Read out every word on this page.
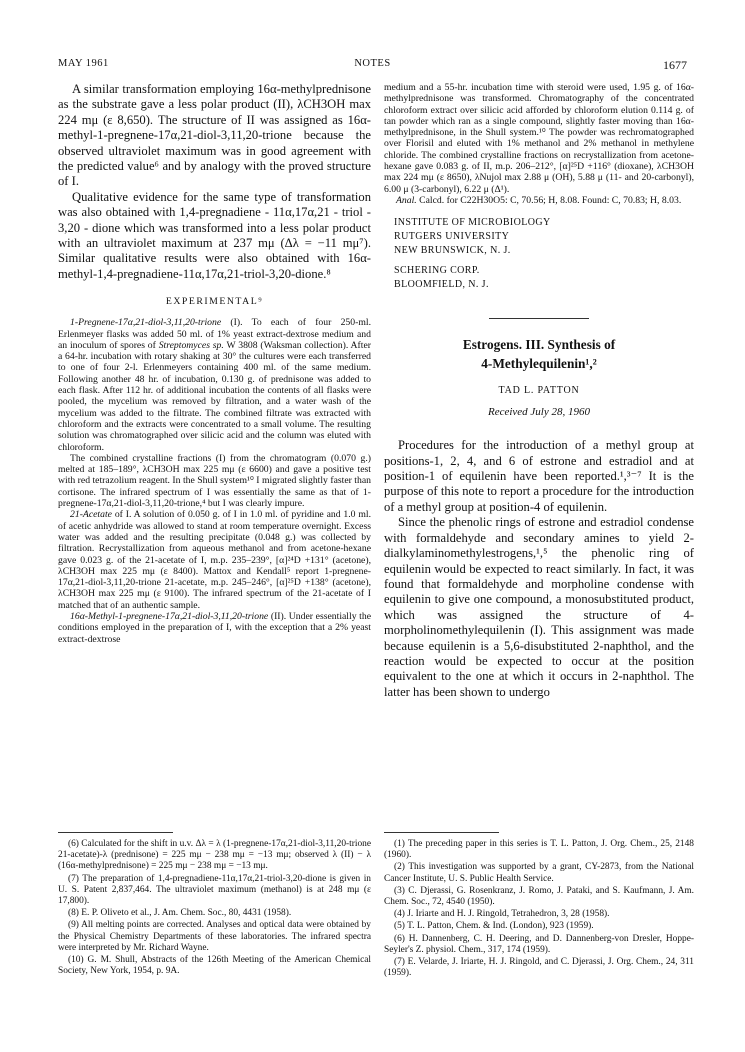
MAY 1961	NOTES	1677

A similar transformation employing 16α-methylprednisone as the substrate gave a less polar product (II), λCH3OH max 224 mμ (ε 8,650). The structure of II was assigned as 16α-methyl-1-pregnene-17α,21-diol-3,11,20-trione because the observed ultraviolet maximum was in good agreement with the predicted value⁶ and by analogy with the proved structure of I.

Qualitative evidence for the same type of transformation was also obtained with 1,4-pregnadiene - 11α,17α,21 - triol - 3,20 - dione which was transformed into a less polar product with an ultraviolet maximum at 237 mμ (Δλ = −11 mμ⁷). Similar qualitative results were also obtained with 16α-methyl-1,4-pregnadiene-11α,17α,21-triol-3,20-dione.⁸

EXPERIMENTAL⁹

1-Pregnene-17α,21-diol-3,11,20-trione (I). To each of four 250-ml. Erlenmeyer flasks was added 50 ml. of 1% yeast extract-dextrose medium and an inoculum of spores of Streptomyces sp. W 3808 (Waksman collection). After a 64-hr. incubation with rotary shaking at 30° the cultures were each transferred to one of four 2-l. Erlenmeyers containing 400 ml. of the same medium. Following another 48 hr. of incubation, 0.130 g. of prednisone was added to each flask. After 112 hr. of additional incubation the contents of all flasks were pooled, the mycelium was removed by filtration, and a water wash of the mycelium was added to the filtrate. The combined filtrate was extracted with chloroform and the extracts were concentrated to a small volume. The resulting solution was chromatographed over silicic acid and the column was eluted with chloroform.

The combined crystalline fractions (I) from the chromatogram (0.070 g.) melted at 185–189°, λCH3OH max 225 mμ (ε 6600) and gave a positive test with red tetrazolium reagent. In the Shull system¹⁰ I migrated slightly faster than cortisone. The infrared spectrum of I was essentially the same as that of 1-pregnene-17α,21-diol-3,11,20-trione,⁴ but I was clearly impure.

21-Acetate of I. A solution of 0.050 g. of I in 1.0 ml. of pyridine and 1.0 ml. of acetic anhydride was allowed to stand at room temperature overnight. Excess water was added and the resulting precipitate (0.048 g.) was collected by filtration. Recrystallization from aqueous methanol and from acetone-hexane gave 0.023 g. of the 21-acetate of I, m.p. 235–239°, [α]²⁴D +131° (acetone), λCH3OH max 225 mμ (ε 8400). Mattox and Kendall⁵ report 1-pregnene-17α,21-diol-3,11,20-trione 21-acetate, m.p. 245–246°, [α]²⁵D +138° (acetone), λCH3OH max 225 mμ (ε 9100). The infrared spectrum of the 21-acetate of I matched that of an authentic sample.

16α-Methyl-1-pregnene-17α,21-diol-3,11,20-trione (II). Under essentially the conditions employed in the preparation of I, with the exception that a 2% yeast extract-dextrose

medium and a 55-hr. incubation time with steroid were used, 1.95 g. of 16α-methylprednisone was transformed. Chromatography of the concentrated chloroform extract over silicic acid afforded by chloroform elution 0.114 g. of tan powder which ran as a single compound, slightly faster moving than 16α-methylprednisone, in the Shull system.¹⁰ The powder was rechromatographed over Florisil and eluted with 1% methanol and 2% methanol in methylene chloride. The combined crystalline fractions on recrystallization from acetone-hexane gave 0.083 g. of II, m.p. 206–212°, [α]²⁵D +116° (dioxane), λCH3OH max 224 mμ (ε 8650), λNujol max 2.88 μ (OH), 5.88 μ (11- and 20-carbonyl), 6.00 μ (3-carbonyl), 6.22 μ (Δ¹).

Anal. Calcd. for C22H30O5: C, 70.56; H, 8.08. Found: C, 70.83; H, 8.03.

INSTITUTE OF MICROBIOLOGY
RUTGERS UNIVERSITY
NEW BRUNSWICK, N. J.
SCHERING CORP.
BLOOMFIELD, N. J.
Estrogens. III. Synthesis of
4-Methylequilenin¹,²
TAD L. PATTON
Received July 28, 1960

Procedures for the introduction of a methyl group at positions-1, 2, 4, and 6 of estrone and estradiol and at position-1 of equilenin have been reported.¹,³⁻⁷ It is the purpose of this note to report a procedure for the introduction of a methyl group at position-4 of equilenin.

Since the phenolic rings of estrone and estradiol condense with formaldehyde and secondary amines to yield 2-dialkylaminomethylestrogens,¹,⁵ the phenolic ring of equilenin would be expected to react similarly. In fact, it was found that formaldehyde and morpholine condense with equilenin to give one compound, a monosubstituted product, which was assigned the structure of 4-morpholinomethylequilenin (I). This assignment was made because equilenin is a 5,6-disubstituted 2-naphthol, and the reaction would be expected to occur at the position equivalent to the one at which it occurs in 2-naphthol. The latter has been shown to undergo

(6) Calculated for the shift in u.v. Δλ = λ (1-pregnene-17α,21-diol-3,11,20-trione 21-acetate)-λ (prednisone) = 225 mμ − 238 mμ = −13 mμ; observed λ (II) − λ (16α-methylprednisone) = 225 mμ − 238 mμ = −13 mμ.

(7) The preparation of 1,4-pregnadiene-11α,17α,21-triol-3,20-dione is given in U. S. Patent 2,837,464. The ultraviolet maximum (methanol) is at 248 mμ (ε 17,800).

(8) E. P. Oliveto et al., J. Am. Chem. Soc., 80, 4431 (1958).

(9) All melting points are corrected. Analyses and optical data were obtained by the Physical Chemistry Departments of these laboratories. The infrared spectra were interpreted by Mr. Richard Wayne.

(10) G. M. Shull, Abstracts of the 126th Meeting of the American Chemical Society, New York, 1954, p. 9A.

(1) The preceding paper in this series is T. L. Patton, J. Org. Chem., 25, 2148 (1960).

(2) This investigation was supported by a grant, CY-2873, from the National Cancer Institute, U. S. Public Health Service.

(3) C. Djerassi, G. Rosenkranz, J. Romo, J. Pataki, and S. Kaufmann, J. Am. Chem. Soc., 72, 4540 (1950).

(4) J. Iriarte and H. J. Ringold, Tetrahedron, 3, 28 (1958).

(5) T. L. Patton, Chem. & Ind. (London), 923 (1959).

(6) H. Dannenberg, C. H. Deering, and D. Dannenberg-von Dresler, Hoppe-Seyler's Z. physiol. Chem., 317, 174 (1959).

(7) E. Velarde, J. Iriarte, H. J. Ringold, and C. Djerassi, J. Org. Chem., 24, 311 (1959).
